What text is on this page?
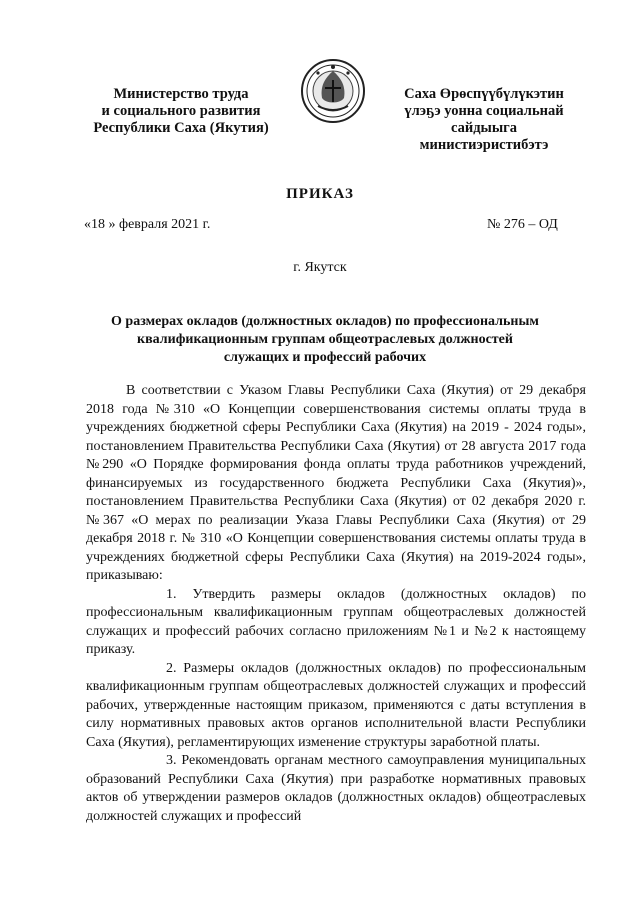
Министерство труда
и социального развития
Республики Саха (Якутия)
Саха Өрөспүүбүлүкэтин
үлэҕэ уонна социальнай
сайдыыга министиэристибэтэ
ПРИКАЗ
«18 » февраля 2021 г.	№ 276 – ОД
г. Якутск
О размерах окладов (должностных окладов) по профессиональным
квалификационным группам общеотраслевых должностей
служащих и профессий рабочих

В соответствии с Указом Главы Республики Саха (Якутия) от 29 декабря 2018 года №310 «О Концепции совершенствования системы оплаты труда в учреждениях бюджетной сферы Республики Саха (Якутия) на 2019 - 2024 годы», постановлением Правительства Республики Саха (Якутия) от 28 августа 2017 года №290 «О Порядке формирования фонда оплаты труда работников учреждений, финансируемых из государственного бюджета Республики Саха (Якутия)», постановлением Правительства Республики Саха (Якутия) от 02 декабря 2020 г. №367 «О мерах по реализации Указа Главы Республики Саха (Якутия) от 29 декабря 2018 г. № 310 «О Концепции совершенствования системы оплаты труда в учреждениях бюджетной сферы Республики Саха (Якутия) на 2019-2024 годы», приказываю:

1. Утвердить размеры окладов (должностных окладов) по профессиональным квалификационным группам общеотраслевых должностей служащих и профессий рабочих согласно приложениям №1 и №2 к настоящему приказу.

2. Размеры окладов (должностных окладов) по профессиональным квалификационным группам общеотраслевых должностей служащих и профессий рабочих, утвержденные настоящим приказом, применяются с даты вступления в силу нормативных правовых актов органов исполнительной власти Республики Саха (Якутия), регламентирующих изменение структуры заработной платы.

3. Рекомендовать органам местного самоуправления муниципальных образований Республики Саха (Якутия) при разработке нормативных правовых актов об утверждении размеров окладов (должностных окладов) общеотраслевых должностей служащих и профессий
